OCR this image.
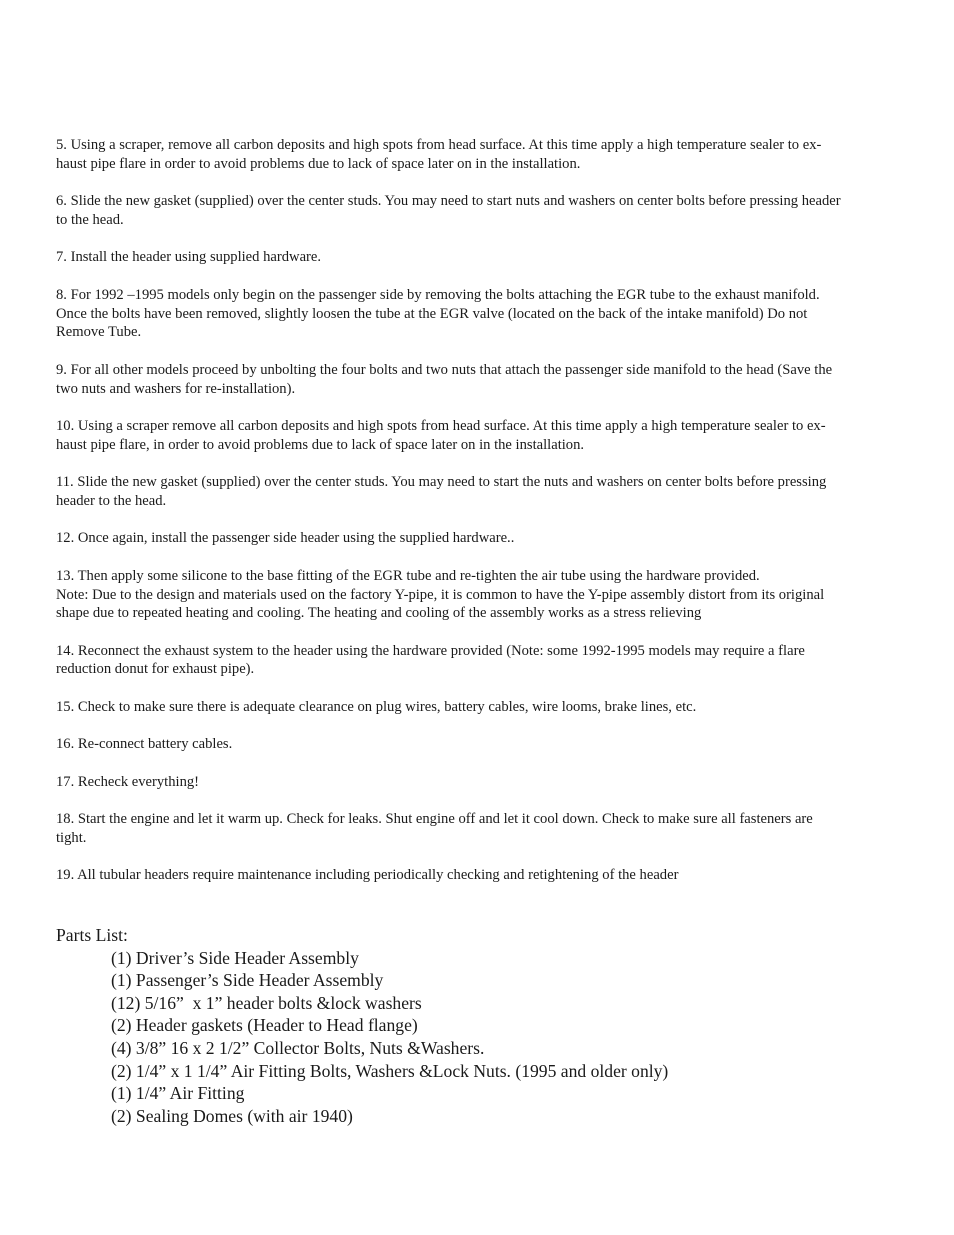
5. Using a scraper, remove all carbon deposits and high spots from head surface. At this time apply a high temperature sealer to ex-
haust pipe flare in order to avoid problems due to lack of space later on in the installation.

6. Slide the new gasket (supplied) over the center studs. You may need to start nuts and washers on center bolts before pressing header
to the head.

7. Install the header using supplied hardware.

8. For 1992 –1995 models only begin on the passenger side by removing the bolts attaching the EGR tube to the exhaust manifold.
Once the bolts have been removed, slightly loosen the tube at the EGR valve (located on the back of the intake manifold) Do not
Remove Tube.

9. For all other models proceed by unbolting the four bolts and two nuts that attach the passenger side manifold to the head (Save the
two nuts and washers for re-installation).

10. Using a scraper remove all carbon deposits and high spots from head surface. At this time apply a high temperature sealer to ex-
haust pipe flare, in order to avoid problems due to lack of space later on in the installation.

11. Slide the new gasket (supplied) over the center studs. You may need to start the nuts and washers on center bolts before pressing
header to the head.

12. Once again, install the passenger side header using the supplied hardware..

13. Then apply some silicone to the base fitting of the EGR tube and re-tighten the air tube using the hardware provided.
Note: Due to the design and materials used on the factory Y-pipe, it is common to have the Y-pipe assembly distort from its original
shape due to repeated heating and cooling. The heating and cooling of the assembly works as a stress relieving

14. Reconnect the exhaust system to the header using the hardware provided (Note: some 1992-1995 models may require a flare
reduction donut for exhaust pipe).

15. Check to make sure there is adequate clearance on plug wires, battery cables, wire looms, brake lines, etc.

16. Re-connect battery cables.

17. Recheck everything!

18. Start the engine and let it warm up. Check for leaks. Shut engine off and let it cool down. Check to make sure all fasteners are
tight.

19. All tubular headers require maintenance including periodically checking and retightening of the header

Parts List:

(1) Driver’s Side Header Assembly
(1) Passenger’s Side Header Assembly
(12) 5/16”  x 1” header bolts &lock washers
(2) Header gaskets (Header to Head flange)
(4) 3/8” 16 x 2 1/2” Collector Bolts, Nuts &Washers.
(2) 1/4” x 1 1/4” Air Fitting Bolts, Washers &Lock Nuts. (1995 and older only)
(1) 1/4” Air Fitting
(2) Sealing Domes (with air 1940)
